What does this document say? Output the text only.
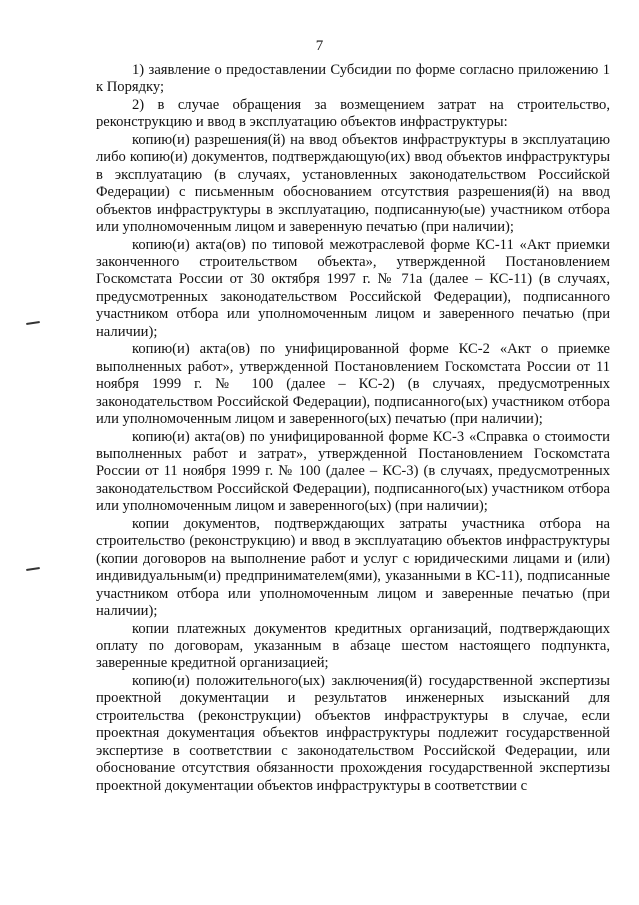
7

1) заявление о предоставлении Субсидии по форме согласно приложению 1 к Порядку;

2) в случае обращения за возмещением затрат на строительство, реконструкцию и ввод в эксплуатацию объектов инфраструктуры:

копию(и) разрешения(й) на ввод объектов инфраструктуры в эксплуатацию либо копию(и) документов, подтверждающую(их) ввод объектов инфраструктуры в эксплуатацию (в случаях, установленных законодательством Российской Федерации) с письменным обоснованием отсутствия разрешения(й) на ввод объектов инфраструктуры в эксплуатацию, подписанную(ые) участником отбора или уполномоченным лицом и заверенную печатью (при наличии);

копию(и) акта(ов) по типовой межотраслевой форме КС-11 «Акт приемки законченного строительством объекта», утвержденной Постановлением Госкомстата России от 30 октября 1997 г. № 71а (далее – КС-11) (в случаях, предусмотренных законодательством Российской Федерации), подписанного участником отбора или уполномоченным лицом и заверенного печатью (при наличии);

копию(и) акта(ов) по унифицированной форме КС-2 «Акт о приемке выполненных работ», утвержденной Постановлением Госкомстата России от 11 ноября 1999 г. № 100 (далее – КС-2) (в случаях, предусмотренных законодательством Российской Федерации), подписанного(ых) участником отбора или уполномоченным лицом и заверенного(ых) печатью (при наличии);

копию(и) акта(ов) по унифицированной форме КС-3 «Справка о стоимости выполненных работ и затрат», утвержденной Постановлением Госкомстата России от 11 ноября 1999 г. № 100 (далее – КС-3) (в случаях, предусмотренных законодательством Российской Федерации), подписанного(ых) участником отбора или уполномоченным лицом и заверенного(ых) (при наличии);

копии документов, подтверждающих затраты участника отбора на строительство (реконструкцию) и ввод в эксплуатацию объектов инфраструктуры (копии договоров на выполнение работ и услуг с юридическими лицами и (или) индивидуальным(и) предпринимателем(ями), указанными в КС-11), подписанные участником отбора или уполномоченным лицом и заверенные печатью (при наличии);

копии платежных документов кредитных организаций, подтверждающих оплату по договорам, указанным в абзаце шестом настоящего подпункта, заверенные кредитной организацией;

копию(и) положительного(ых) заключения(й) государственной экспертизы проектной документации и результатов инженерных изысканий для строительства (реконструкции) объектов инфраструктуры в случае, если проектная документация объектов инфраструктуры подлежит государственной экспертизе в соответствии с законодательством Российской Федерации, или обоснование отсутствия обязанности прохождения государственной экспертизы проектной документации объектов инфраструктуры в соответствии с
